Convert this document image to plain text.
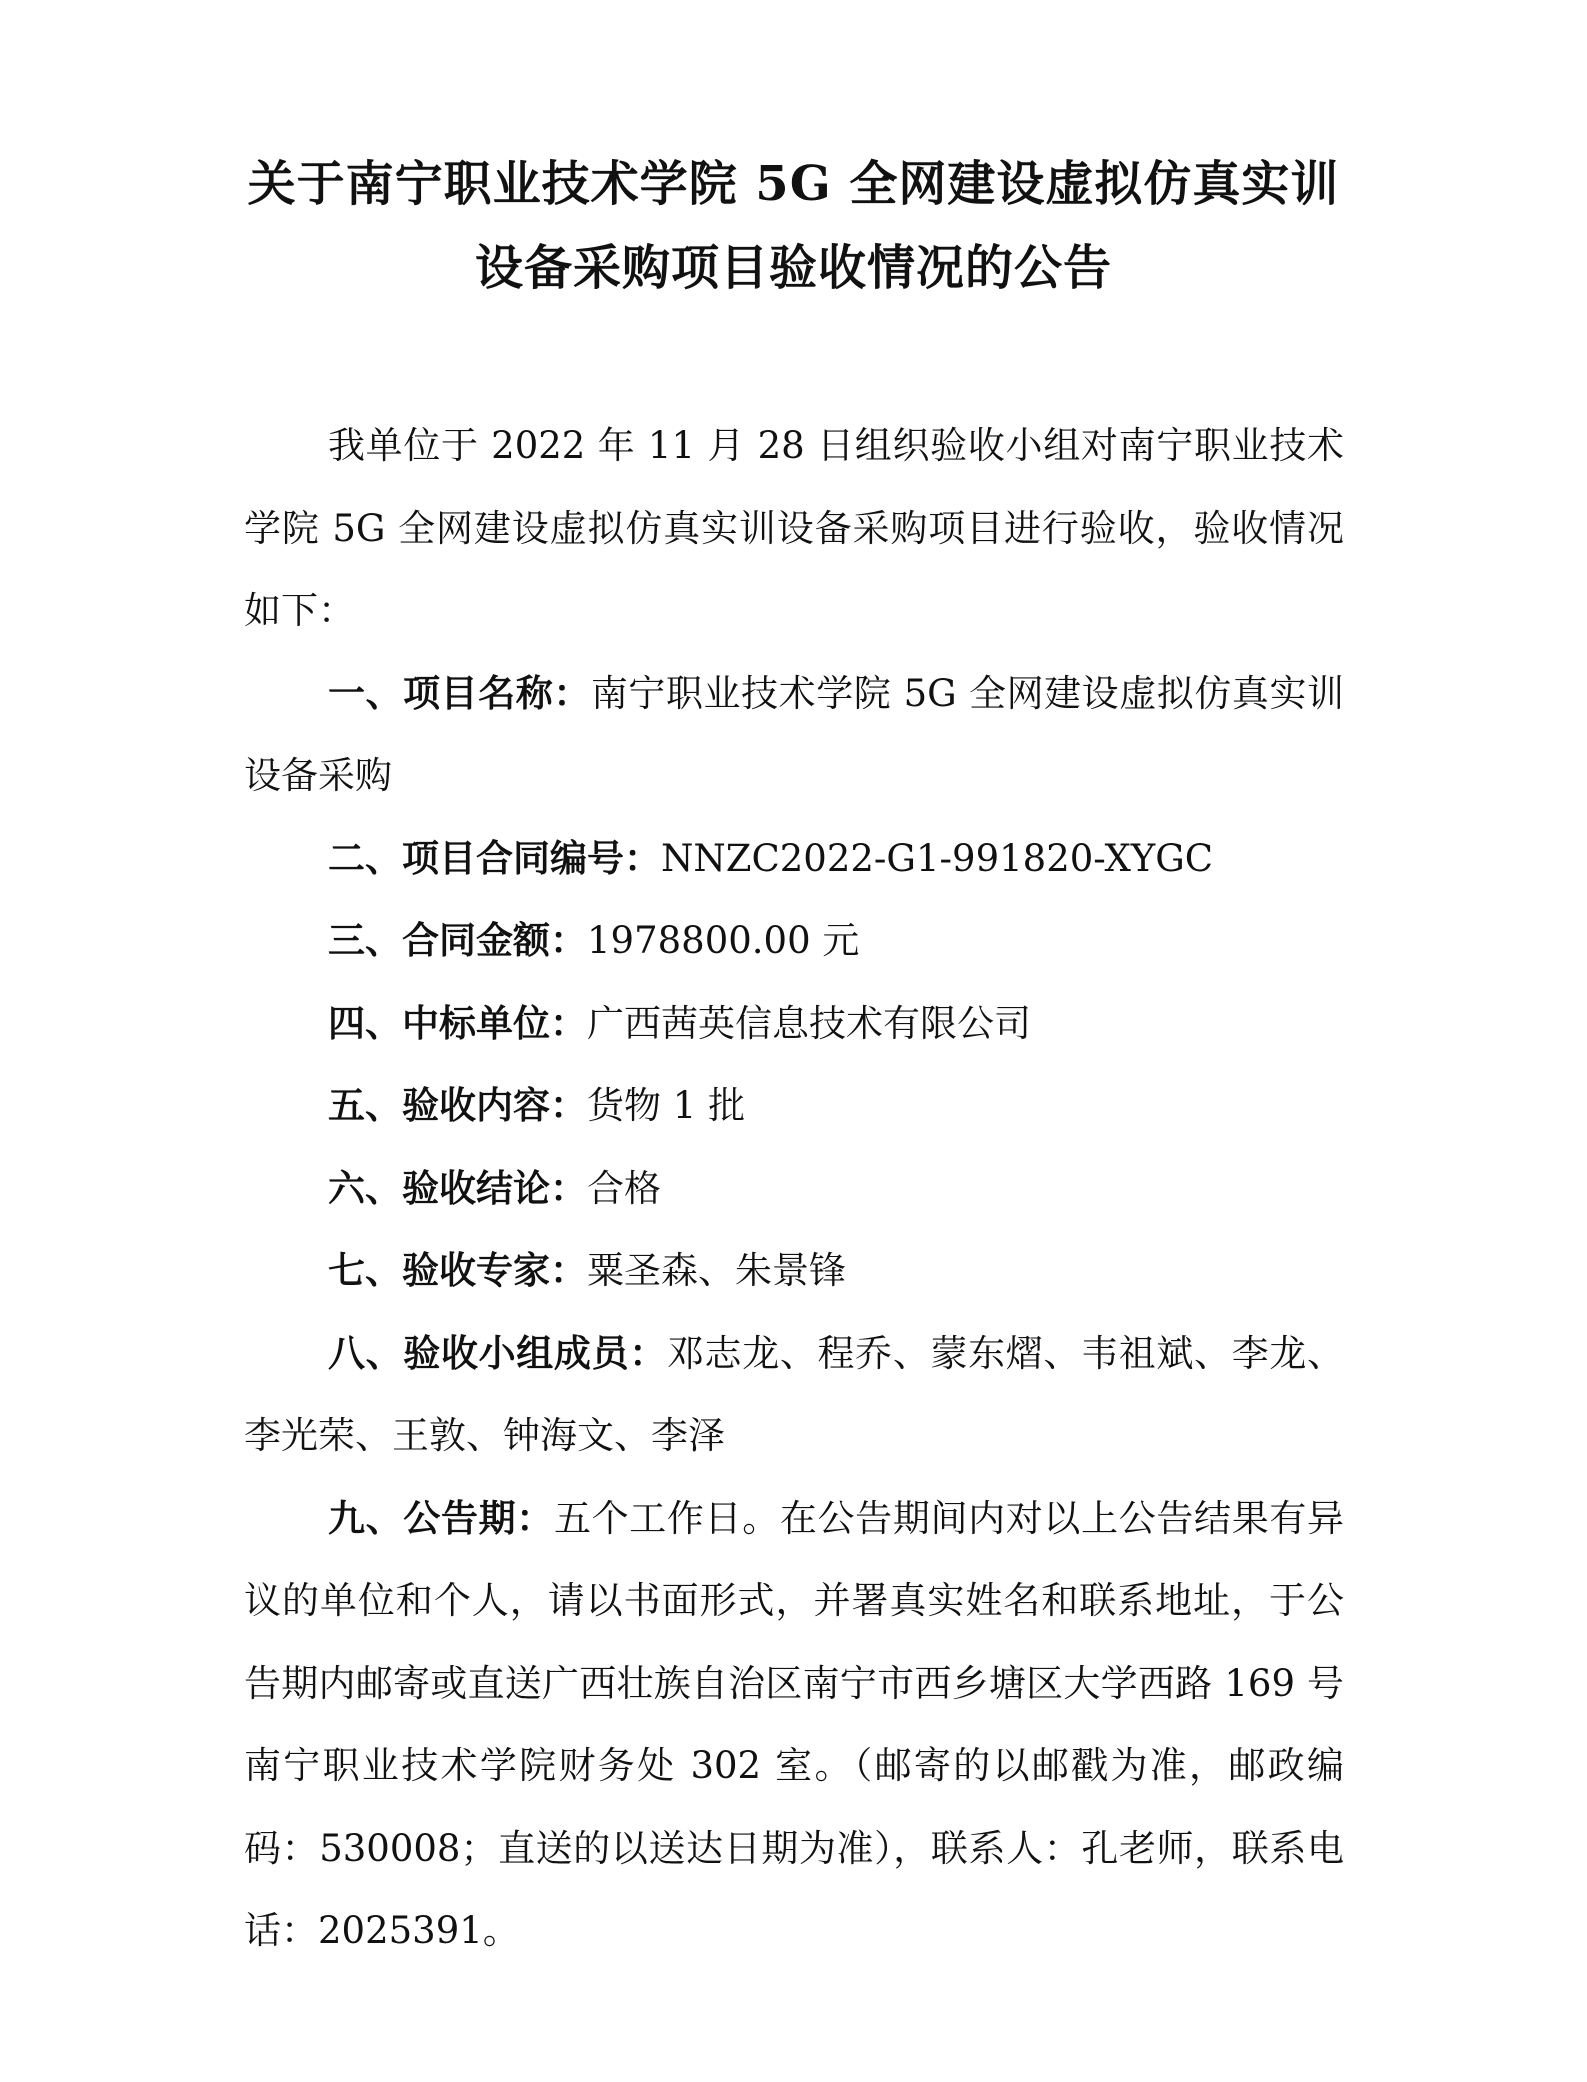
关于南宁职业技术学院 5G 全网建设虚拟仿真实训
设备采购项目验收情况的公告

我单位于 2022 年 11 月 28 日组织验收小组对南宁职业技术学院 5G 全网建设虚拟仿真实训设备采购项目进行验收，验收情况如下：

一、项目名称：南宁职业技术学院 5G 全网建设虚拟仿真实训设备采购

二、项目合同编号：NNZC2022-G1-991820-XYGC

三、合同金额：1978800.00 元

四、中标单位：广西茜英信息技术有限公司

五、验收内容：货物 1 批

六、验收结论：合格

七、验收专家：粟圣森、朱景锋

八、验收小组成员：邓志龙、程乔、蒙东熠、韦祖斌、李龙、李光荣、王敦、钟海文、李泽

九、公告期：五个工作日。在公告期间内对以上公告结果有异议的单位和个人，请以书面形式，并署真实姓名和联系地址，于公告期内邮寄或直送广西壮族自治区南宁市西乡塘区大学西路 169 号南宁职业技术学院财务处 302 室。（邮寄的以邮戳为准，邮政编码：530008；直送的以送达日期为准），联系人：孔老师，联系电话：2025391。
